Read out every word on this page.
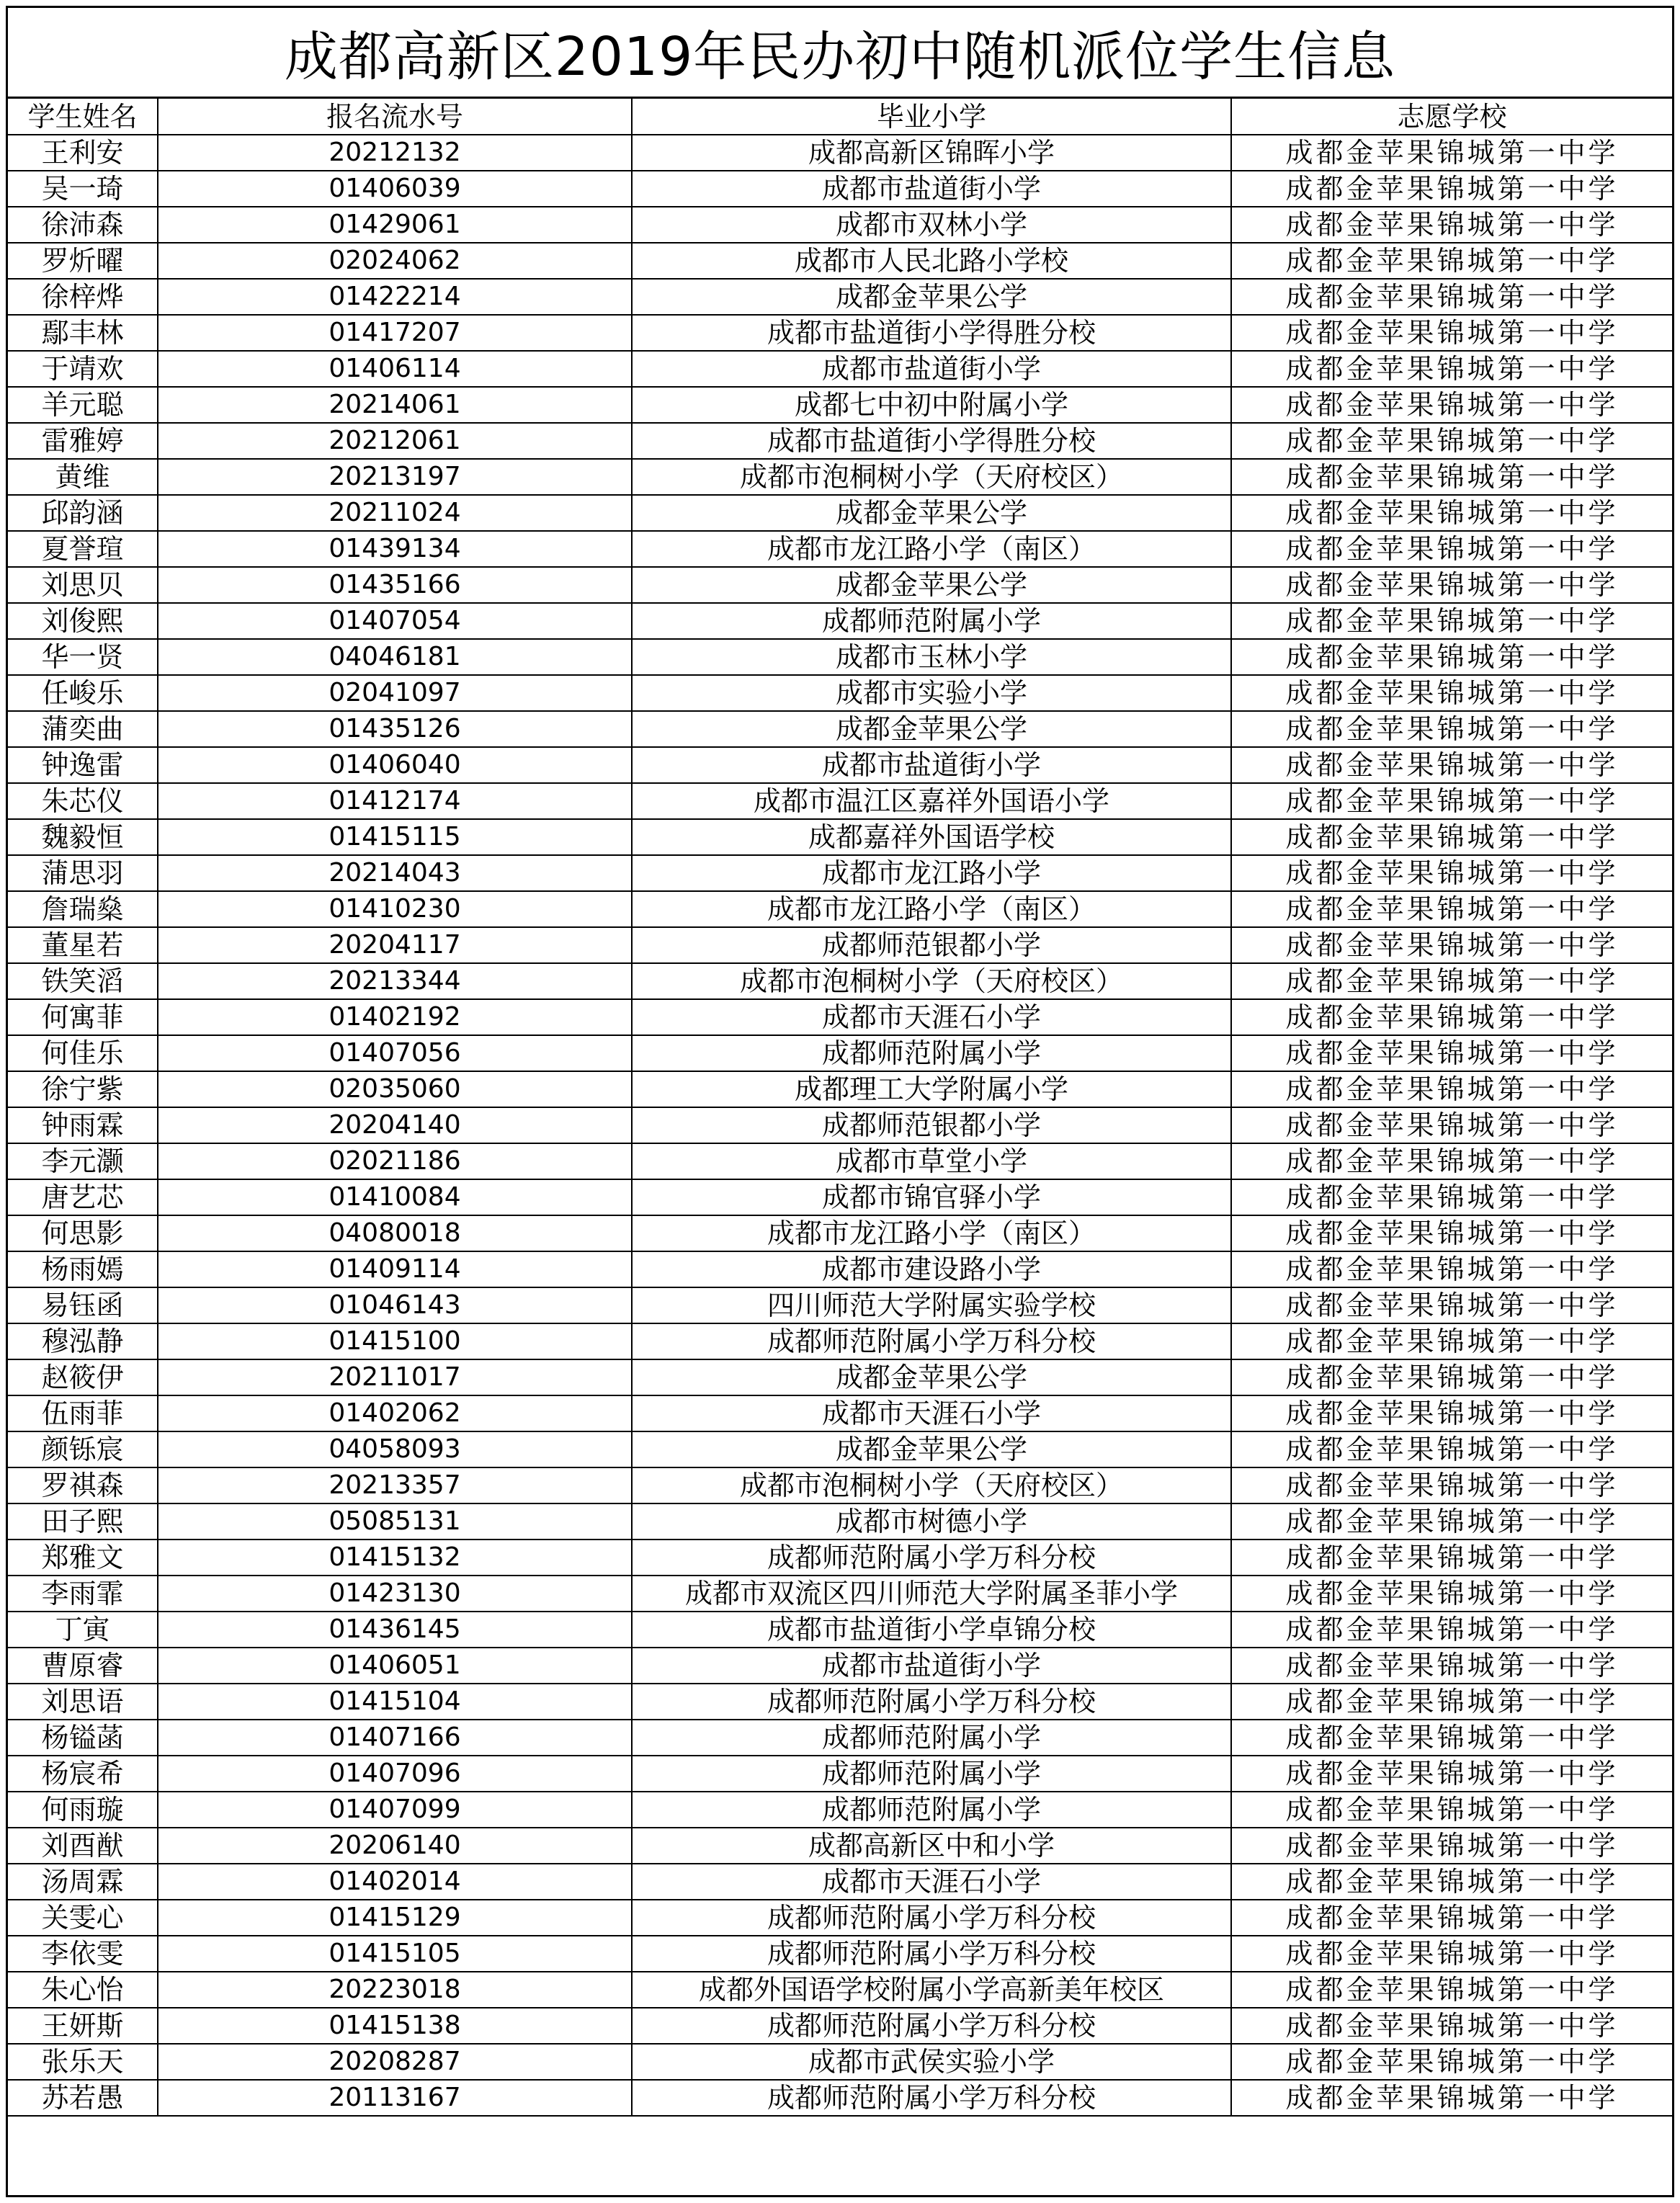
成都高新区2019年民办初中随机派位学生信息
学生姓名	报名流水号	毕业小学	志愿学校
王利安	20212132	成都高新区锦晖小学	成都金苹果锦城第一中学
吴一琦	01406039	成都市盐道街小学	成都金苹果锦城第一中学
徐沛森	01429061	成都市双林小学	成都金苹果锦城第一中学
罗炘曜	02024062	成都市人民北路小学校	成都金苹果锦城第一中学
徐梓烨	01422214	成都金苹果公学	成都金苹果锦城第一中学
鄢丰林	01417207	成都市盐道街小学得胜分校	成都金苹果锦城第一中学
于靖欢	01406114	成都市盐道街小学	成都金苹果锦城第一中学
羊元聪	20214061	成都七中初中附属小学	成都金苹果锦城第一中学
雷雅婷	20212061	成都市盐道街小学得胜分校	成都金苹果锦城第一中学
黄维	20213197	成都市泡桐树小学（天府校区）	成都金苹果锦城第一中学
邱韵涵	20211024	成都金苹果公学	成都金苹果锦城第一中学
夏誉瑄	01439134	成都市龙江路小学（南区）	成都金苹果锦城第一中学
刘思贝	01435166	成都金苹果公学	成都金苹果锦城第一中学
刘俊熙	01407054	成都师范附属小学	成都金苹果锦城第一中学
华一贤	04046181	成都市玉林小学	成都金苹果锦城第一中学
任峻乐	02041097	成都市实验小学	成都金苹果锦城第一中学
蒲奕曲	01435126	成都金苹果公学	成都金苹果锦城第一中学
钟逸雷	01406040	成都市盐道街小学	成都金苹果锦城第一中学
朱芯仪	01412174	成都市温江区嘉祥外国语小学	成都金苹果锦城第一中学
魏毅恒	01415115	成都嘉祥外国语学校	成都金苹果锦城第一中学
蒲思羽	20214043	成都市龙江路小学	成都金苹果锦城第一中学
詹瑞燊	01410230	成都市龙江路小学（南区）	成都金苹果锦城第一中学
董星若	20204117	成都师范银都小学	成都金苹果锦城第一中学
铁笑滔	20213344	成都市泡桐树小学（天府校区）	成都金苹果锦城第一中学
何寓菲	01402192	成都市天涯石小学	成都金苹果锦城第一中学
何佳乐	01407056	成都师范附属小学	成都金苹果锦城第一中学
徐宁紫	02035060	成都理工大学附属小学	成都金苹果锦城第一中学
钟雨霖	20204140	成都师范银都小学	成都金苹果锦城第一中学
李元灏	02021186	成都市草堂小学	成都金苹果锦城第一中学
唐艺芯	01410084	成都市锦官驿小学	成都金苹果锦城第一中学
何思影	04080018	成都市龙江路小学（南区）	成都金苹果锦城第一中学
杨雨嫣	01409114	成都市建设路小学	成都金苹果锦城第一中学
易钰函	01046143	四川师范大学附属实验学校	成都金苹果锦城第一中学
穆泓静	01415100	成都师范附属小学万科分校	成都金苹果锦城第一中学
赵筱伊	20211017	成都金苹果公学	成都金苹果锦城第一中学
伍雨菲	01402062	成都市天涯石小学	成都金苹果锦城第一中学
颜铄宸	04058093	成都金苹果公学	成都金苹果锦城第一中学
罗祺森	20213357	成都市泡桐树小学（天府校区）	成都金苹果锦城第一中学
田子熙	05085131	成都市树德小学	成都金苹果锦城第一中学
郑雅文	01415132	成都师范附属小学万科分校	成都金苹果锦城第一中学
李雨霏	01423130	成都市双流区四川师范大学附属圣菲小学	成都金苹果锦城第一中学
丁寅	01436145	成都市盐道街小学卓锦分校	成都金苹果锦城第一中学
曹原睿	01406051	成都市盐道街小学	成都金苹果锦城第一中学
刘思语	01415104	成都师范附属小学万科分校	成都金苹果锦城第一中学
杨镒菡	01407166	成都师范附属小学	成都金苹果锦城第一中学
杨宸希	01407096	成都师范附属小学	成都金苹果锦城第一中学
何雨璇	01407099	成都师范附属小学	成都金苹果锦城第一中学
刘酉猷	20206140	成都高新区中和小学	成都金苹果锦城第一中学
汤周霖	01402014	成都市天涯石小学	成都金苹果锦城第一中学
关雯心	01415129	成都师范附属小学万科分校	成都金苹果锦城第一中学
李依雯	01415105	成都师范附属小学万科分校	成都金苹果锦城第一中学
朱心怡	20223018	成都外国语学校附属小学高新美年校区	成都金苹果锦城第一中学
王妍斯	01415138	成都师范附属小学万科分校	成都金苹果锦城第一中学
张乐天	20208287	成都市武侯实验小学	成都金苹果锦城第一中学
苏若愚	20113167	成都师范附属小学万科分校	成都金苹果锦城第一中学
